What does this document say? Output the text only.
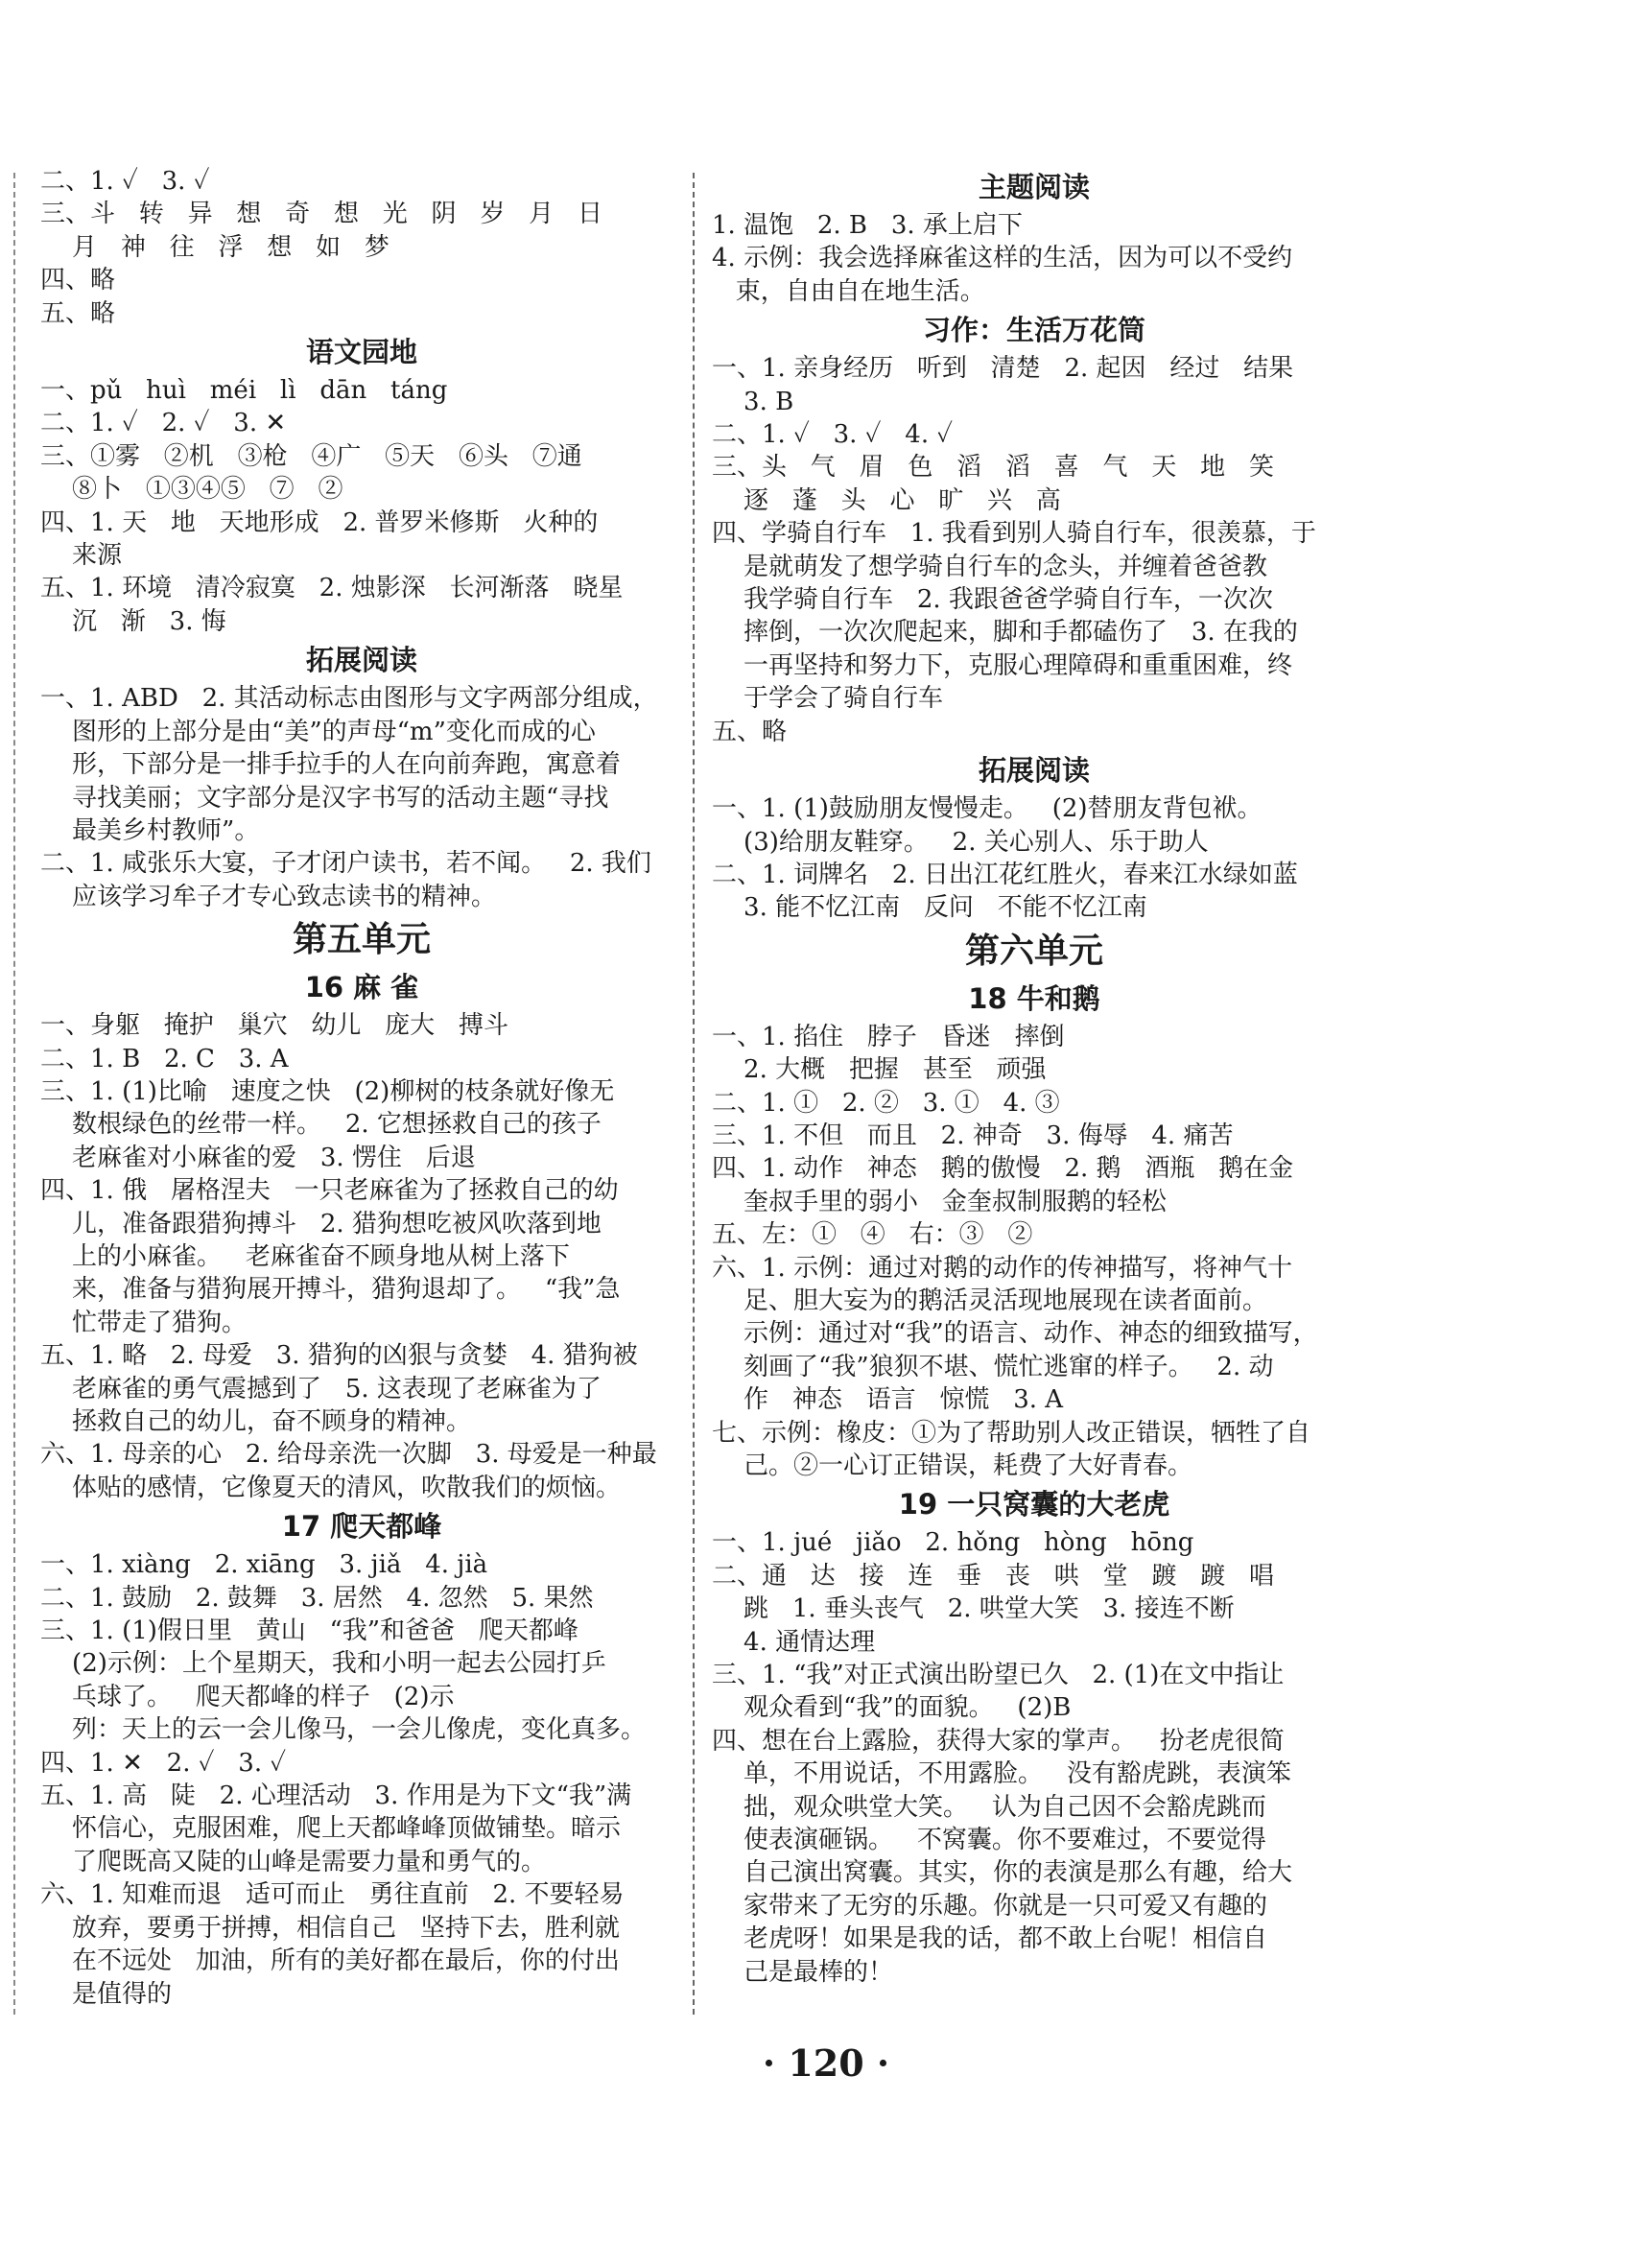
二、1. ✓   3. ✓
三、斗   转   异   想   奇   想   光   阴   岁   月   日
月   神   往   浮   想   如   梦
四、略
五、略
语文园地
一、pǔ   huì   méi   lì   dān   táng
二、1. ✓   2. ✓   3. ✕
三、①雾   ②机   ③枪   ④广   ⑤天   ⑥头   ⑦通
⑧卜   ①③④⑤   ⑦   ②
四、1. 天   地   天地形成   2. 普罗米修斯   火种的
来源
五、1. 环境   清冷寂寞   2. 烛影深   长河渐落   晓星
沉   渐   3. 悔
拓展阅读
一、1. ABD   2. 其活动标志由图形与文字两部分组成，
图形的上部分是由“美”的声母“m”变化而成的心
形，下部分是一排手拉手的人在向前奔跑，寓意着
寻找美丽；文字部分是汉字书写的活动主题“寻找
最美乡村教师”。
二、1. 咸张乐大宴，子才闭户读书，若不闻。   2. 我们
应该学习牟子才专心致志读书的精神。
第五单元
16 麻 雀
一、身躯   掩护   巢穴   幼儿   庞大   搏斗
二、1. B   2. C   3. A
三、1. (1)比喻   速度之快   (2)柳树的枝条就好像无
数根绿色的丝带一样。   2. 它想拯救自己的孩子
老麻雀对小麻雀的爱   3. 愣住   后退
四、1. 俄   屠格涅夫   一只老麻雀为了拯救自己的幼
儿，准备跟猎狗搏斗   2. 猎狗想吃被风吹落到地
上的小麻雀。   老麻雀奋不顾身地从树上落下
来，准备与猎狗展开搏斗，猎狗退却了。   “我”急
忙带走了猎狗。
五、1. 略   2. 母爱   3. 猎狗的凶狠与贪婪   4. 猎狗被
老麻雀的勇气震撼到了   5. 这表现了老麻雀为了
拯救自己的幼儿，奋不顾身的精神。
六、1. 母亲的心   2. 给母亲洗一次脚   3. 母爱是一种最
体贴的感情，它像夏天的清风，吹散我们的烦恼。
17 爬天都峰
一、1. xiàng   2. xiāng   3. jiǎ   4. jià
二、1. 鼓励   2. 鼓舞   3. 居然   4. 忽然   5. 果然
三、1. (1)假日里   黄山   “我”和爸爸   爬天都峰
(2)示例：上个星期天，我和小明一起去公园打乒
乓球了。   爬天都峰的样子   (2)示
列：天上的云一会儿像马，一会儿像虎，变化真多。
四、1. ✕   2. ✓   3. ✓
五、1. 高   陡   2. 心理活动   3. 作用是为下文“我”满
怀信心，克服困难，爬上天都峰峰顶做铺垫。暗示
了爬既高又陡的山峰是需要力量和勇气的。
六、1. 知难而退   适可而止   勇往直前   2. 不要轻易
放弃，要勇于拼搏，相信自己   坚持下去，胜利就
在不远处   加油，所有的美好都在最后，你的付出
是值得的
主题阅读
1. 温饱   2. B   3. 承上启下
4. 示例：我会选择麻雀这样的生活，因为可以不受约
束，自由自在地生活。
习作：生活万花筒
一、1. 亲身经历   听到   清楚   2. 起因   经过   结果
3. B
二、1. ✓   3. ✓   4. ✓
三、头   气   眉   色   滔   滔   喜   气   天   地   笑
逐   蓬   头   心   旷   兴   高
四、学骑自行车   1. 我看到别人骑自行车，很羡慕，于
是就萌发了想学骑自行车的念头，并缠着爸爸教
我学骑自行车   2. 我跟爸爸学骑自行车，一次次
摔倒，一次次爬起来，脚和手都磕伤了   3. 在我的
一再坚持和努力下，克服心理障碍和重重困难，终
于学会了骑自行车
五、略
拓展阅读
一、1. (1)鼓励朋友慢慢走。   (2)替朋友背包袱。
(3)给朋友鞋穿。   2. 关心别人、乐于助人
二、1. 词牌名   2. 日出江花红胜火，春来江水绿如蓝
3. 能不忆江南   反问   不能不忆江南
第六单元
18 牛和鹅
一、1. 掐住   脖子   昏迷   摔倒
2. 大概   把握   甚至   顽强
二、1. ①   2. ②   3. ①   4. ③
三、1. 不但   而且   2. 神奇   3. 侮辱   4. 痛苦
四、1. 动作   神态   鹅的傲慢   2. 鹅   酒瓶   鹅在金
奎叔手里的弱小   金奎叔制服鹅的轻松
五、左：①   ④   右：③   ②
六、1. 示例：通过对鹅的动作的传神描写，将神气十
足、胆大妄为的鹅活灵活现地展现在读者面前。
示例：通过对“我”的语言、动作、神态的细致描写，
刻画了“我”狼狈不堪、慌忙逃窜的样子。   2. 动
作   神态   语言   惊慌   3. A
七、示例：橡皮：①为了帮助别人改正错误，牺牲了自
己。②一心订正错误，耗费了大好青春。
19 一只窝囊的大老虎
一、1. jué   jiǎo   2. hǒng   hòng   hōng
二、通   达   接   连   垂   丧   哄   堂   踱   踱   唱
跳   1. 垂头丧气   2. 哄堂大笑   3. 接连不断
4. 通情达理
三、1. “我”对正式演出盼望已久   2. (1)在文中指让
观众看到“我”的面貌。   (2)B
四、想在台上露脸，获得大家的掌声。   扮老虎很简
单，不用说话，不用露脸。   没有豁虎跳，表演笨
拙，观众哄堂大笑。   认为自己因不会豁虎跳而
使表演砸锅。   不窝囊。你不要难过，不要觉得
自己演出窝囊。其实，你的表演是那么有趣，给大
家带来了无穷的乐趣。你就是一只可爱又有趣的
老虎呀！如果是我的话，都不敢上台呢！相信自
己是最棒的！
· 120 ·
